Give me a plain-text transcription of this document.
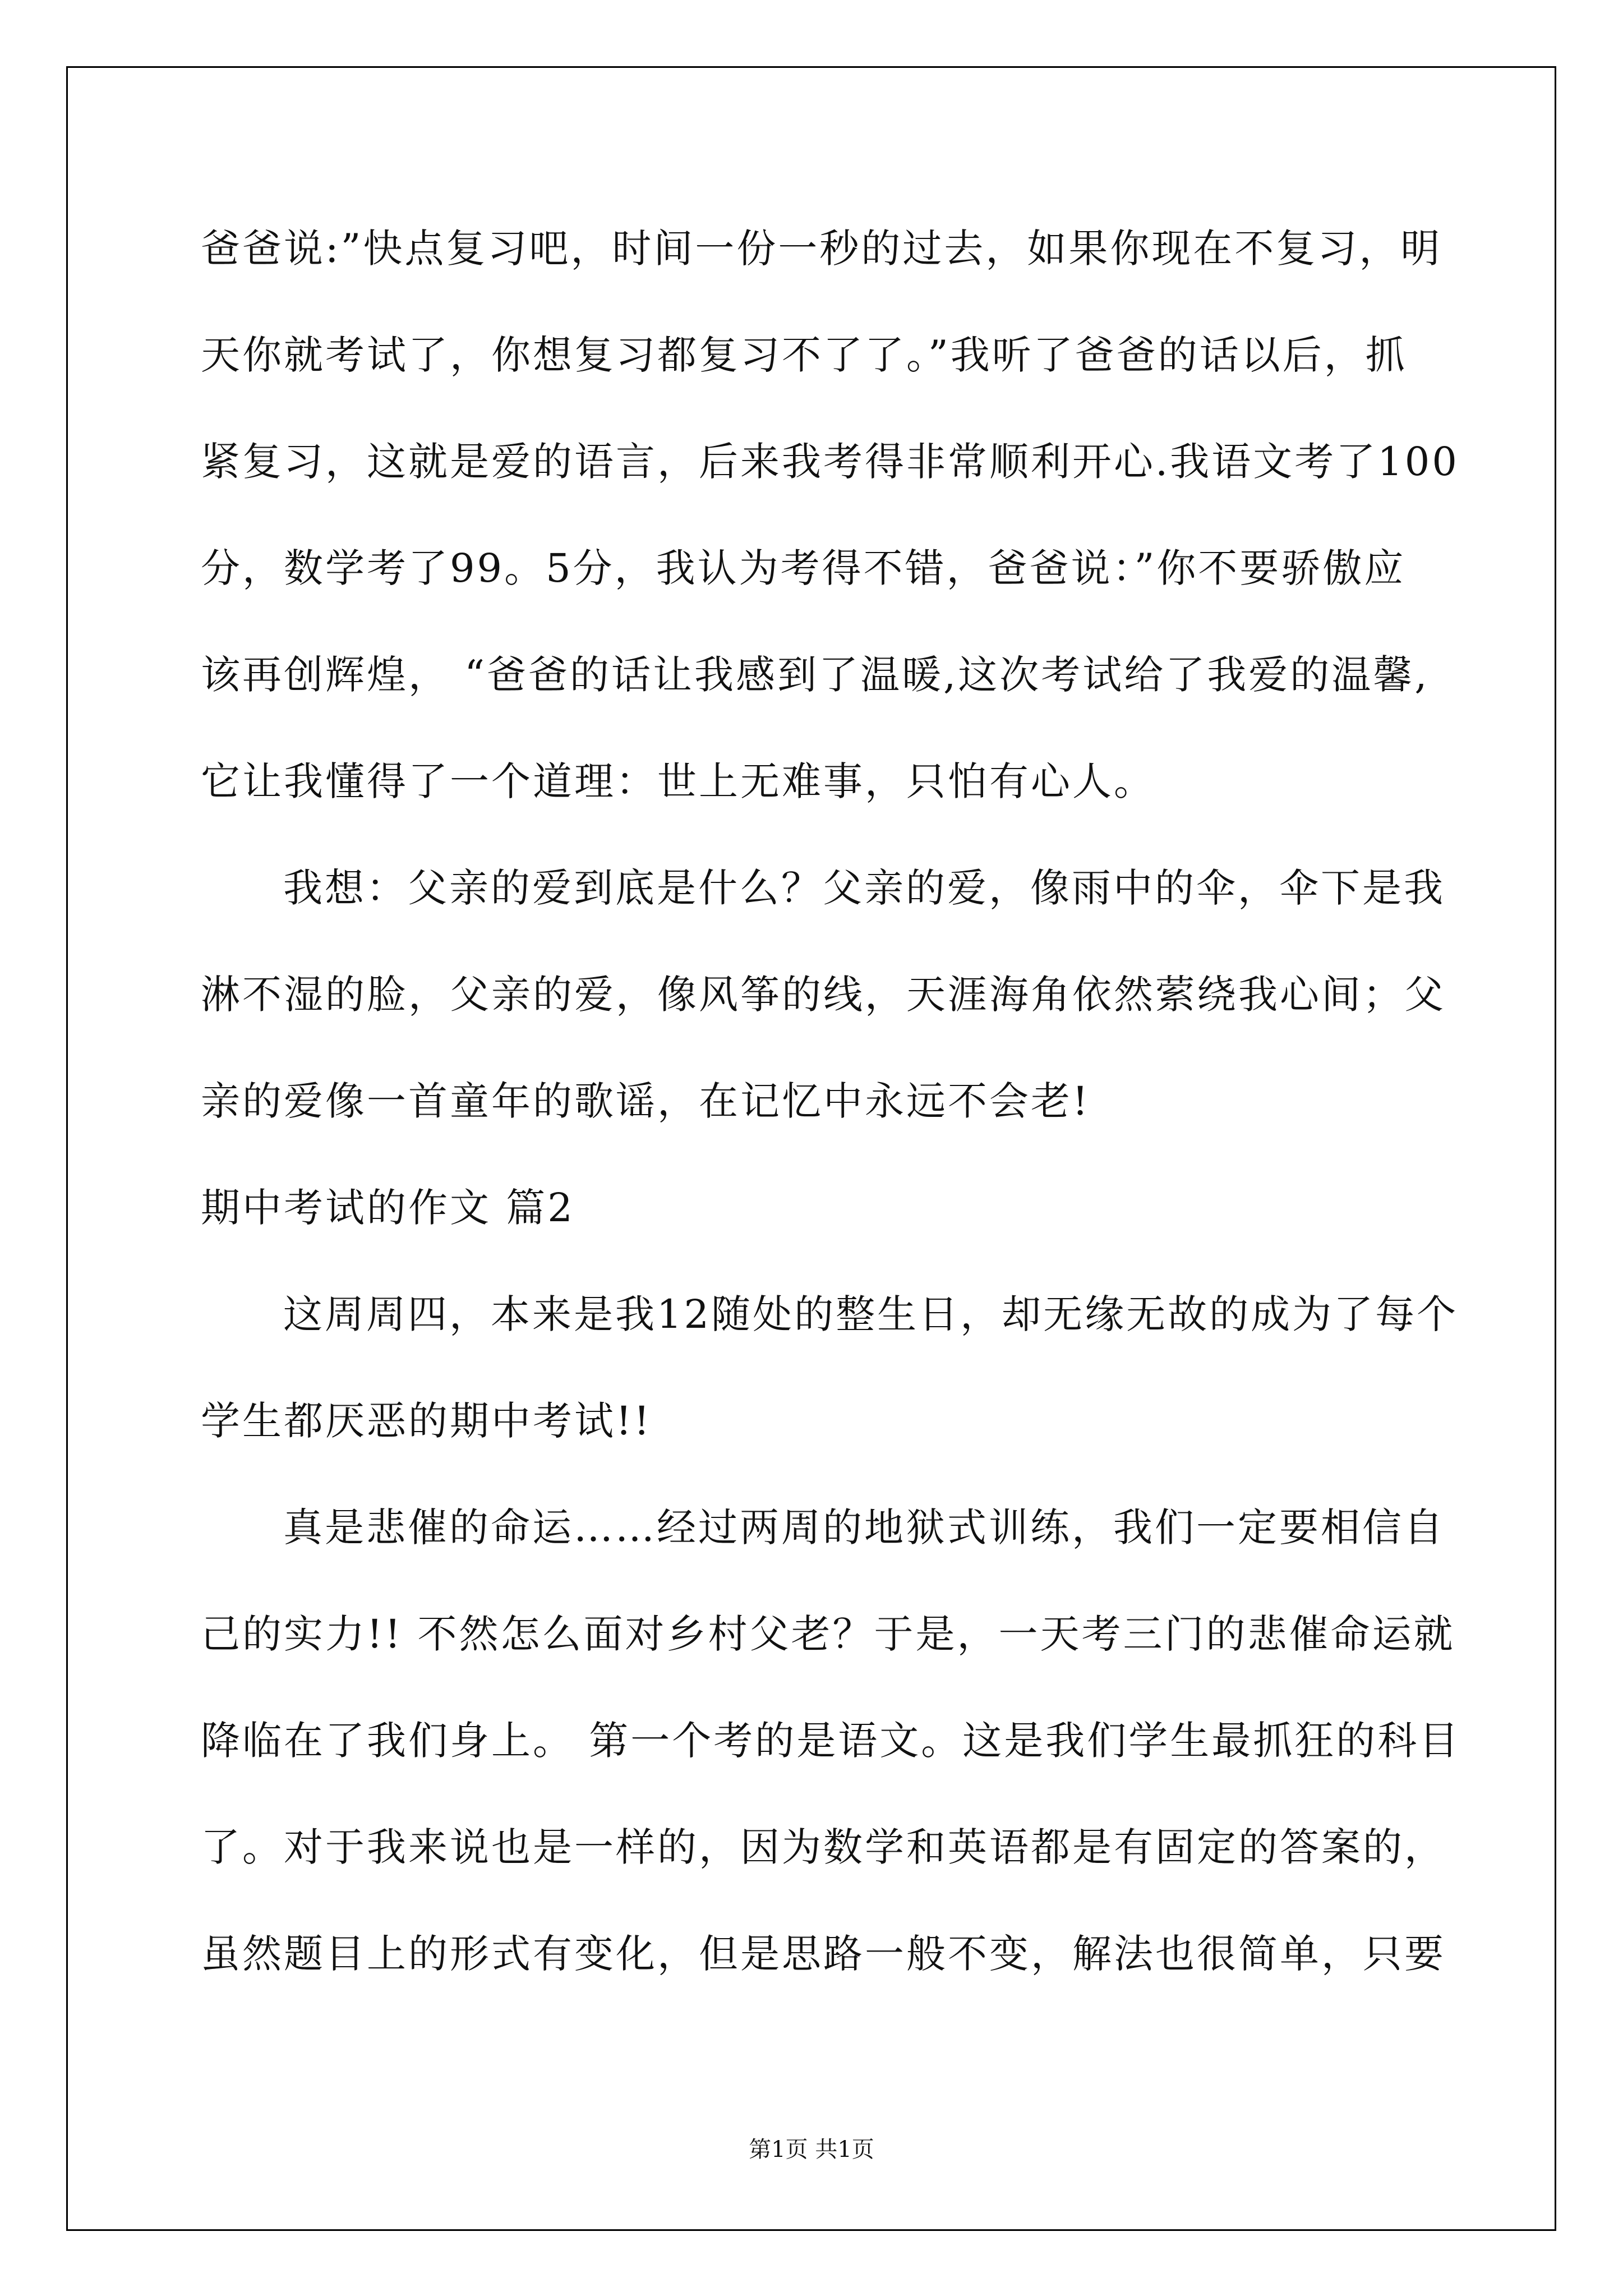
爸爸说:”快点复习吧，时间一份一秒的过去，如果你现在不复习，明

天你就考试了，你想复习都复习不了了。”我听了爸爸的话以后，抓

紧复习，这就是爱的语言，后来我考得非常顺利开心.我语文考了100

分，数学考了99。5分，我认为考得不错，爸爸说：”你不要骄傲应

该再创辉煌， “爸爸的话让我感到了温暖,这次考试给了我爱的温馨,

它让我懂得了一个道理：世上无难事，只怕有心人。

我想：父亲的爱到底是什么？父亲的爱，像雨中的伞，伞下是我

淋不湿的脸，父亲的爱，像风筝的线，天涯海角依然萦绕我心间；父

亲的爱像一首童年的歌谣，在记忆中永远不会老!

期中考试的作文 篇2

这周周四，本来是我12随处的整生日，却无缘无故的成为了每个

学生都厌恶的期中考试!!

真是悲催的命运……经过两周的地狱式训练，我们一定要相信自

己的实力!! 不然怎么面对乡村父老？于是，一天考三门的悲催命运就

降临在了我们身上。 第一个考的是语文。这是我们学生最抓狂的科目

了。对于我来说也是一样的，因为数学和英语都是有固定的答案的，

虽然题目上的形式有变化，但是思路一般不变，解法也很简单，只要

第1页 共1页
